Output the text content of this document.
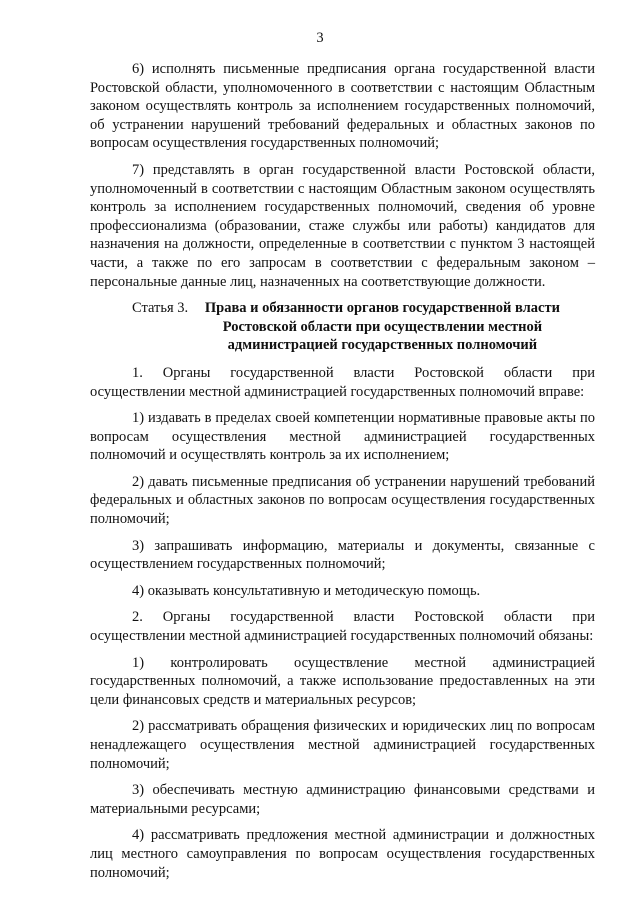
3

6) исполнять письменные предписания органа государственной власти Ростовской области, уполномоченного в соответствии с настоящим Областным законом осуществлять контроль за исполнением государственных полномочий, об устранении нарушений требований федеральных и областных законов по вопросам осуществления государственных полномочий;

7) представлять в орган государственной власти Ростовской области, уполномоченный в соответствии с настоящим Областным законом осуществлять контроль за исполнением государственных полномочий, сведения об уровне профессионализма (образовании, стаже службы или работы) кандидатов для назначения на должности, определенные в соответствии с пунктом 3 настоящей части, а также по его запросам в соответствии с федеральным законом – персональные данные лиц, назначенных на соответствующие должности.

Статья 3. Права и обязанности органов государственной власти Ростовской области при осуществлении местной администрацией государственных полномочий

1. Органы государственной власти Ростовской области при осуществлении местной администрацией государственных полномочий вправе:

1) издавать в пределах своей компетенции нормативные правовые акты по вопросам осуществления местной администрацией государственных полномочий и осуществлять контроль за их исполнением;

2) давать письменные предписания об устранении нарушений требований федеральных и областных законов по вопросам осуществления государственных полномочий;

3) запрашивать информацию, материалы и документы, связанные с осуществлением государственных полномочий;

4) оказывать консультативную и методическую помощь.

2. Органы государственной власти Ростовской области при осуществлении местной администрацией государственных полномочий обязаны:

1) контролировать осуществление местной администрацией государственных полномочий, а также использование предоставленных на эти цели финансовых средств и материальных ресурсов;

2) рассматривать обращения физических и юридических лиц по вопросам ненадлежащего осуществления местной администрацией государственных полномочий;

3) обеспечивать местную администрацию финансовыми средствами и материальными ресурсами;

4) рассматривать предложения местной администрации и должностных лиц местного самоуправления по вопросам осуществления государственных полномочий;
